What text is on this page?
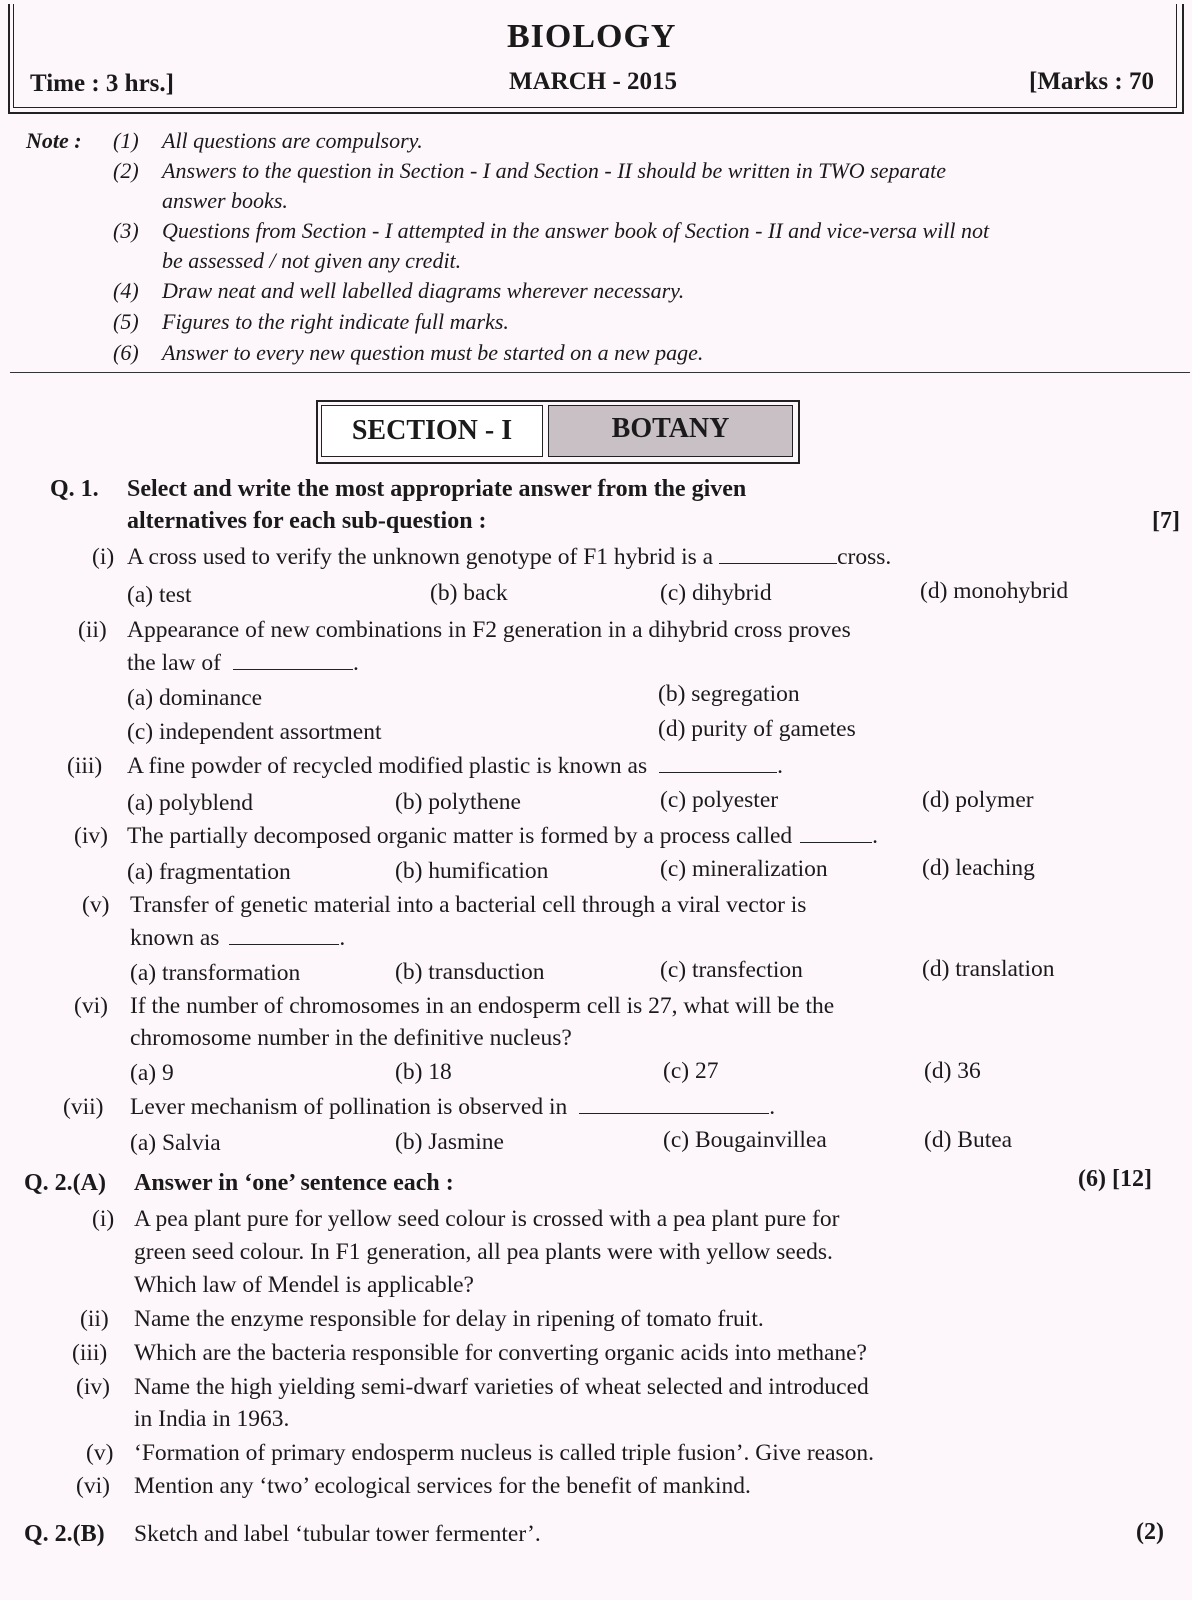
BIOLOGY
Time : 3 hrs.]	MARCH - 2015	[Marks : 70
Note : (1) All questions are compulsory.
(2) Answers to the question in Section - I and Section - II should be written in TWO separate
answer books.
(3) Questions from Section - I attempted in the answer book of Section - II and vice-versa will not
be assessed / not given any credit.
(4) Draw neat and well labelled diagrams wherever necessary.
(5) Figures to the right indicate full marks.
(6) Answer to every new question must be started on a new page.
SECTION - I	BOTANY
Q. 1. Select and write the most appropriate answer from the given
alternatives for each sub-question :	[7]
(i) A cross used to verify the unknown genotype of F1 hybrid is a	cross.
(a) test	(b) back	(c) dihybrid	(d) monohybrid
(ii) Appearance of new combinations in F2 generation in a dihybrid cross proves
the law of	.
(a) dominance	(b) segregation
(c) independent assortment	(d) purity of gametes
(iii) A fine powder of recycled modified plastic is known as	.
(a) polyblend	(b) polythene	(c) polyester	(d) polymer
(iv) The partially decomposed organic matter is formed by a process called	.
(a) fragmentation	(b) humification	(c) mineralization	(d) leaching
(v) Transfer of genetic material into a bacterial cell through a viral vector is
known as	.
(a) transformation	(b) transduction	(c) transfection	(d) translation
(vi) If the number of chromosomes in an endosperm cell is 27, what will be the
chromosome number in the definitive nucleus?
(a) 9	(b) 18	(c) 27	(d) 36
(vii) Lever mechanism of pollination is observed in	.
(a) Salvia	(b) Jasmine	(c) Bougainvillea	(d) Butea
Q. 2.(A) Answer in ‘one’ sentence each :	(6) [12]
(i) A pea plant pure for yellow seed colour is crossed with a pea plant pure for
green seed colour. In F1 generation, all pea plants were with yellow seeds.
Which law of Mendel is applicable?
(ii) Name the enzyme responsible for delay in ripening of tomato fruit.
(iii) Which are the bacteria responsible for converting organic acids into methane?
(iv) Name the high yielding semi-dwarf varieties of wheat selected and introduced
in India in 1963.
(v) ‘Formation of primary endosperm nucleus is called triple fusion’. Give reason.
(vi) Mention any ‘two’ ecological services for the benefit of mankind.
Q. 2.(B) Sketch and label ‘tubular tower fermenter’.	(2)
